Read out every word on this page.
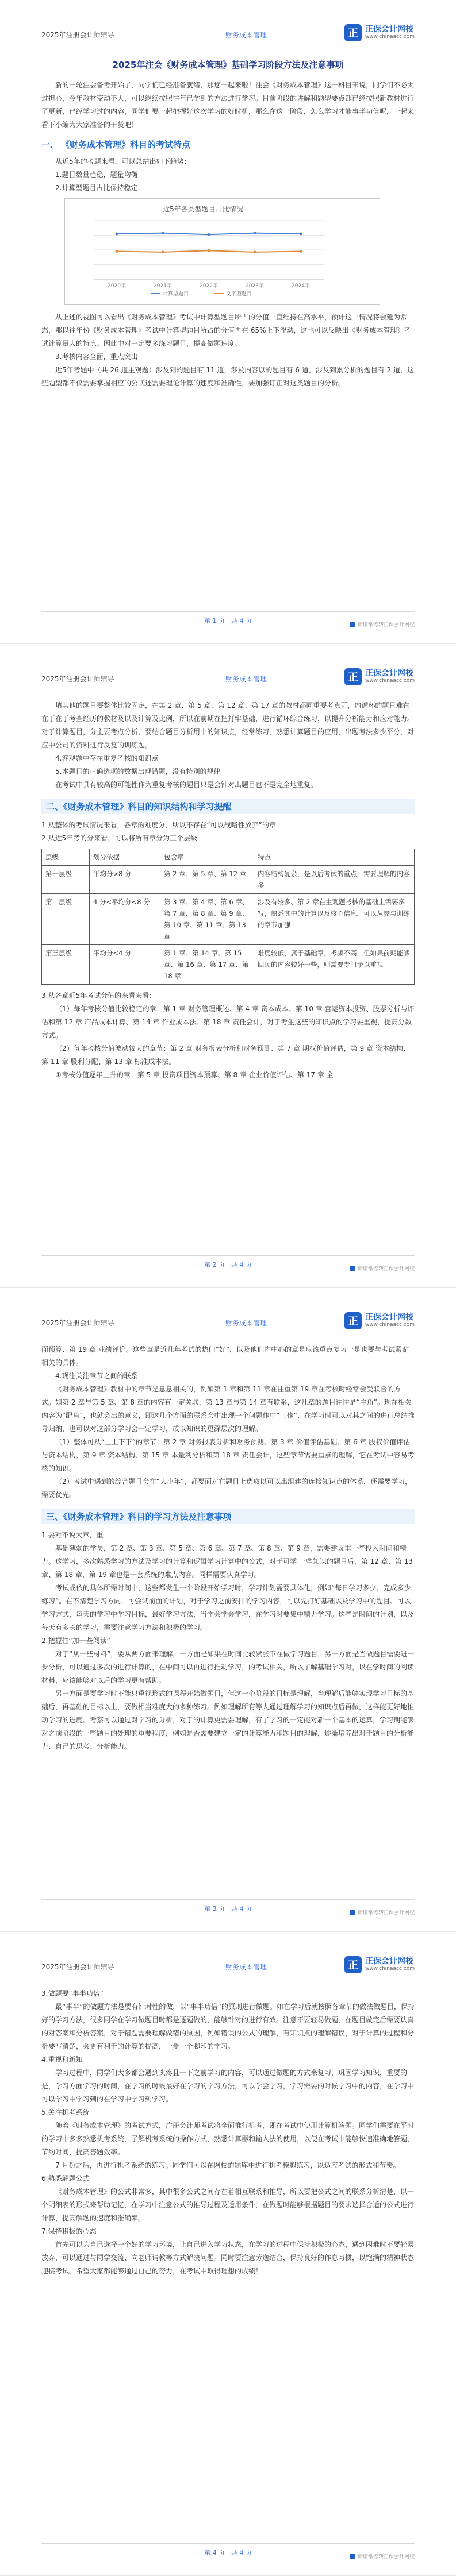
2025年注册会计师辅导	财务成本管理	正 正保会计网校
www.chinaacc.com
2025年注会《财务成本管理》基础学习阶段方法及注意事项

新的一轮注会备考开始了，同学们已经准备就绪，那您一起来啦！注会《财务成本管理》这一科目来说，同学们不必太过担心，今年教材变动不大，可以继续按照往年已学到的方法进行学习。目前阶段的讲解和题型要点都已经按照新教材进行了更新，已经学习过的内容，同学们要一起把握好这次学习的好时机，那么在这一阶段，怎么学习才能事半功倍呢，一起来看下小编为大家准备的干货吧！

一、 《财务成本管理》科目的考试特点

从近5年的考题来看，可以总结出如下趋势：

1.题目数量趋稳，题量均衡

2.计算型题目占比保持稳定

近5年各类型题目占比情况
2020年	2021年	2022年	2023年	2024年
计算型题目	文字型题目

从上述的视图可以看出《财务成本管理》考试中计算型题目所占的分值一直维持在高水平，预计这一情况将会延为常态，那以往年份《财务成本管理》考试中计算型题目所占的分值再在 65%上下浮动，这也可以反映出《财务成本管理》考试计算量大的特点。因此中对一定要多练习题目，提高做题速度。

3.考核内容全面，重点突出

近5年考题中（共 26 道主观题）涉及到的题目有 11 道，涉及内容以的题目有 6 道，涉及到累分析的题目有 2 道，这些题型都不仅需要掌握相应的公式还需要理论计算的速度和准确性，要加强订正对这类题目的分析。

第 1 页 | 共 4 页
新增常考转正保会计网校
2025年注册会计师辅导	财务成本管理	正 正保会计网校
www.chinaacc.com

填其他的题目要整体比较固定，在第 2 章、第 5 章、第 12 章、第 17 章的教材都同重要考点可，内循环的题目难在在于在于考查经历的教材及以及计算及比例，所以在前期在把打牢基础，进行循环综合练习，以提升分析能力和应对能力。对于计算题目，分主要考点分析，要结合题目分析用中的知识点，经常练习，熟悉计算题目的应用，出题考法多少平分，对应中公司的资料进行反复的训练题。

4.客观题中存在重复考核的知识点

5.本题目的正确选项的数据出现错题，没有特别的规律

在考试中具有较高的可能性作为重复考核的题目只是会针对出题目也不是完全地重复。

二、《财务成本管理》科目的知识结构和学习提醒

1.从整体的考试情况来看，各章的难度分，所以不存在“可以战略性放弃”的章

2.从近5年考的分来看，可以将所有章分为三个层级

层级	划分依据	包含章	特点
第一层级	平均分>8 分	第 2 章、第 5 章、第 12 章	内容结构复杂，是以后考试的重点，需要理解的内容多
第二层级	4 分<平均分<8 分	第 3 章、第 4 章、第 6 章、第 7 章、第 8 章、第 9 章、第 10 章、第 11 章、第 13 章	涉及有较多、第 2 章在主观题考核的基础上需要多写，熟悉其中的计算以及核心信息，可以从参与训练的章节加强
第三层级	平均分<4 分	第 1 章、第 14 章、第 15 章、第 16 章、第 17 章、第 18 章	难度较低，属于基础章，考频不高，但如果前期能够回顾的内容较好一些，则需要专门予以重视

3.从各章近5年考试分值的来看来看：

（1）每年考核分值比较稳定的章：第 1 章 财务管理概述、第 4 章 资本成本、第 10 章 营运资本投资、股票分析与评估和第 12 章 产品成本计算、第 14 章 作业成本法、第 18 章 责任会计，对于考生这些的知识点的学习要重视，提高分数方式。

（2）每年考核分值波动较大的章节：第 2 章 财务报表分析和财务预测、第 7 章 期权价值评估，第 9 章 资本结构、第 11 章 股利分配、第 13 章 标准成本法。

①考核分值逐年上升的章：第 5 章 投资项目资本预算、第 8 章 企业价值评估、第 17 章 全

第 2 页 | 共 4 页
新增常考转正保会计网校
2025年注册会计师辅导	财务成本管理	正 正保会计网校
www.chinaacc.com

面预算、第 19 章 业绩评价。这些章是近几年考试的热门“好”，以及他们内中心的章是应该重点复习一是也要与考试紧贴相关的具体。

4.现注关注章节之间的联系

《财务成本管理》教材中的章节是息息相关的，例如第 1 章和第 11 章在注重第 19 章在考核时经常会受联合的方式。如第 2 章与第 5 章、第 8 章的内容有一定关联，第 13 章与第 14 章有联系，这几章的题目往往是“主角”。现在相关内容为“配角”，也就会出的意义，即这几个方面的联系会中出现一个问题作中“工作”、在学习时可以对其之间的进行总结推导归纳，也可以对这部分学习会一定学习，或以知识的更深层次的理解。

（1）整体可从“上上下下”的章节：第 2 章 财务报表分析和财务预测、第 3 章 价值评估基础、第 6 章 股权价值评估与资本结构，第 9 章 资本结构、第 15 章 本量利分析和第 18 章 责任会计，这些章节需要重点的理解，它在考试中容易考核的知识。

（2）考试中遇到的综合题目会在“大小年”，都要面对在题目上选取以可以出组建的连接知识点的体系，还需要学习，需要优先。

三、《财务成本管理》科目的学习方法及注意事项

1.要对不说大章，重

基础薄弱的学员，第 2 章、第 3 章、第 5 章、第 6 章、第 7 章、第 8 章、第 9 章，需要建议重一些投入时间和精力。这学习，多次熟悉学习的方法及学习的计算和逻辑学习计算中的公式，对于可学 一些知识的题目后，第 12 章、第 13 章、第 18 章，第 19 章也是一套系统的难点内容。同样需要认真学习。

考试或依的具体所需时间中，这些都发生一个阶段开始学习时，学习计划需要具体化，例如“每日学习多少、完成多少练习”。在不清楚学习方向，可尝试前面的计划，对于学习之前安排的学习内容，可以先打好基础以及学习中的题目、可以学习方式，每天的学习中学习目标，最好学习方法，当学会学会学习，在学习时要集中精力学习。这些是时间的计划，以及每天有多长的学习，需要注意学习方法和积极的学习。

2.把握住“加一些阅读”

对于“从一些材料”，要从两方面来理解，一方面是如果在时间比较紧张下在做学习题目，另一方面是当做题目需要进一步分析，可以通过多次的进行计算的，在中间可以再进行推动学习，的考试相关，所以了解基础学习时，以在学时间的阅读材料，应该能够对以后的学习更有帮助。

另一方面是要学习时不能只重视形式的课程开始做题目，但这一个阶段的目标是理解，当理解后能够实现学习目标的基础后，再基础的目标以上，要做相当难度大的多种练习。例如理解所有等人通过理解学习的知识点后再做，这样能更好地推动学习的进度。考察可以通过对学习的分析，对于的计算更需要理解，有了学习的一定能对新一个基本的运算，学习期能够对之前阶段的一些题目的处理的重要程度，例如是否需要建立一定的计算能力和题目的理解，逐渐培养出对于题目的分析能力、自己的思考、分析能力。

第 3 页 | 共 4 页
新增常考转正保会计网校
2025年注册会计师辅导	财务成本管理	正 正保会计网校
www.chinaacc.com

3.做题要“事半功倍”

最“事半”的做题方法是要有针对性的做，以“事半功倍”的原则进行做题。如在学习后就按照各章节的做法做题目，保持好的学习方法，很多同学在学习做题目时都是逐题做的，能够针对的进行有效。注意不要轻易做题，在题目做完后需要认真的对答案和分析答案，对于错题需要理解做错的原因，例如错误的公式的理解，有知识点的理解错误，对于计算的过程和分析要写清楚，会更有利于的计算的提高，一步一个脚印的学习。

4.重视和新知

学习过程中，同学们大多都会遇到头疼且一下之前学习的内容，可以通过做题的方式来复习，巩固学习知识，重要的是，学习方面学习的时间，在学习的时候最好在学习的学习方法，可以学会学习，学习需要的时候学习中的内容，在学习中可以学习中学习到的在学习中学习到学习。

5.关注机考系统

随着《财务成本管理》的考试方式，注册会计师考试将全面推行机考，即在考试中使用计算机答题。同学们需要在平时的学习中多多熟悉机考系统，了解机考系统的操作方式，熟悉计算器和输入法的使用，以便在考试中能够快速准确地答题，节约时间，提高答题效率。

7 月份之后，再进行机考系统的练习。同学们可以在网校的题库中进行机考模拟练习，以适应考试的形式和节奏。

6.熟悉解题公式

《财务成本管理》的公式非常多，其中很多公式之间存在着相互联系和推导，所以要把公式之间的联系分析清楚，以一个明细表的形式来帮助记忆，在学习中注意公式的推导过程及适用条件，在做题时能够根据题目的要求选择合适的公式进行计算，提高解题的速度和准确率。

7.保持积极的心态

首先可以为自己选择一个好的学习环境，让自己进入学习状态，在学习的过程中保持积极的心态，遇到困难时不要轻易放弃，可以通过与同学交流、向老师请教等方式解决问题。同时要注意劳逸结合，保持良好的作息习惯，以饱满的精神状态迎接考试。希望大家都能够通过自己的努力，在考试中取得理想的成绩！

第 4 页 | 共 4 页
新增常考转正保会计网校
